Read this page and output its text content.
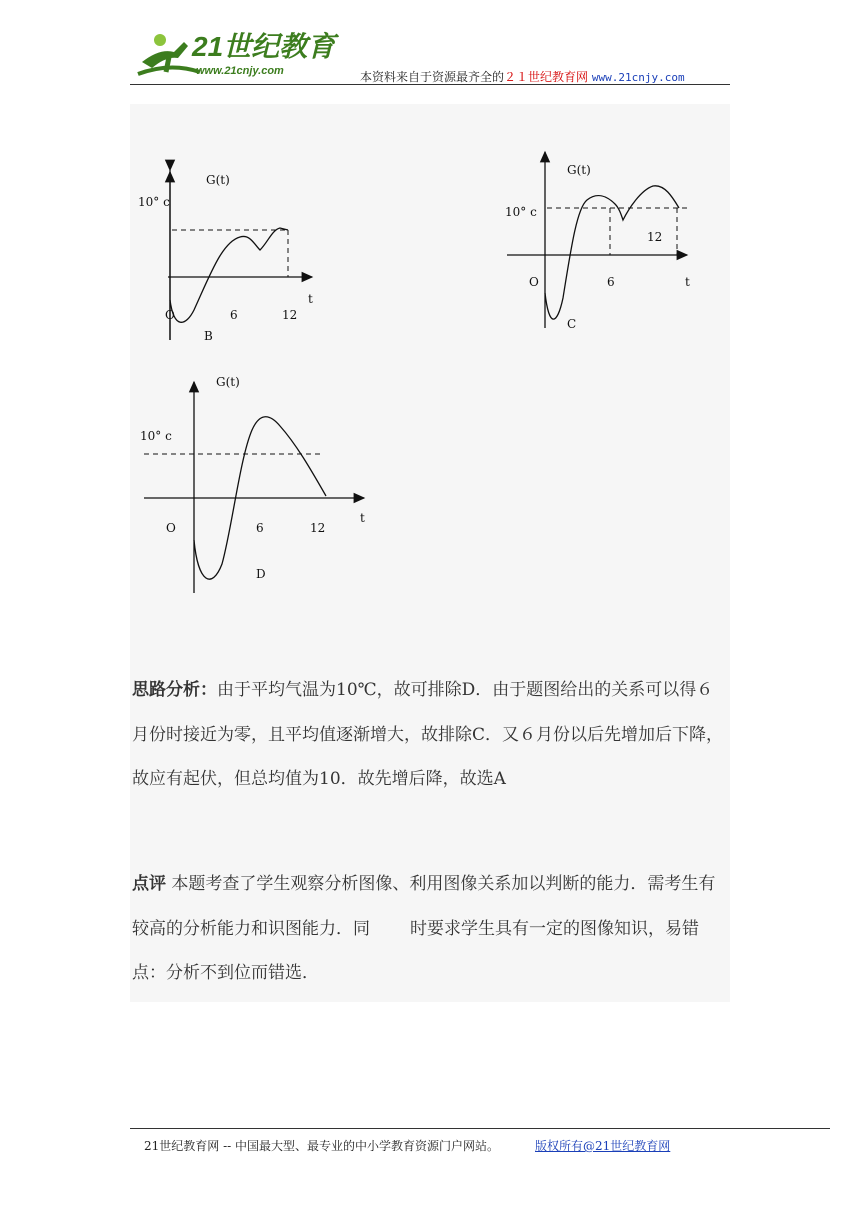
21世纪教育
www.21cnjy.com	本资料来自于资源最齐全的２１世纪教育网 www.21cnjy.com
G(t)
10° c
O
t
6	12
B
G(t)
10° c
O	t
6
12
C
G(t)
10° c
O
t
6	12
D
思路分析：由于平均气温为10℃，故可排除D．由于题图给出的关系可以得６月份时接近为零，且平均值逐渐增大，故排除C．又６月份以后先增加后下降，故应有起伏，但总均值为10．故先增后降，故选A
点评 本题考查了学生观察分析图像、利用图像关系加以判断的能力．需考生有较高的分析能力和识图能力．同 时要求学生具有一定的图像知识，易错点：分析不到位而错选．
21世纪教育网 -- 中国最大型、最专业的中小学教育资源门户网站。	版权所有@21世纪教育网
